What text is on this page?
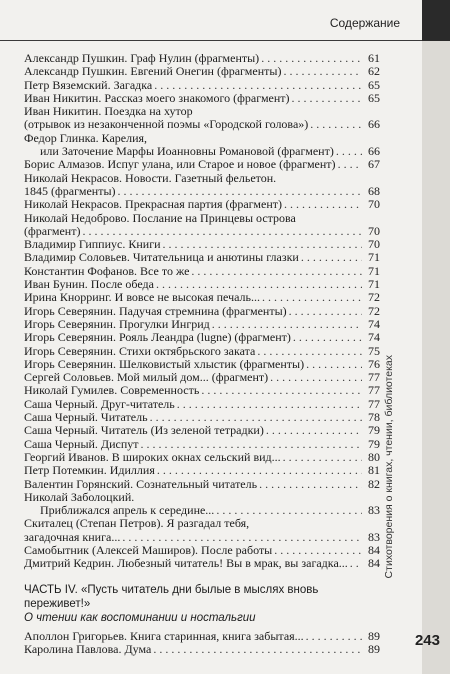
Содержание
Стихотворения о книгах, чтении, библиотеках
243
Александр Пушкин. Граф Нулин (фрагменты) . . .	61
Александр Пушкин. Евгений Онегин (фрагменты) . . .	62
Петр Вяземский. Загадка . . .	65
Иван Никитин. Рассказ моего знакомого (фрагмент) . . .	65
Иван Никитин. Поездка на хутор
(отрывок из незаконченной поэмы «Городской голова») . . .	66
Федор Глинка. Карелия,
или Заточение Марфы Иоанновны Романовой (фрагмент) . . .	66
Борис Алмазов. Испуг улана, или Старое и новое (фрагмент) . . .	67
Николай Некрасов. Новости. Газетный фельетон.
1845 (фрагменты) . . .	68
Николай Некрасов. Прекрасная партия (фрагмент) . . .	70
Николай Недоброво. Послание на Принцевы острова
(фрагмент) . . .	70
Владимир Гиппиус. Книги . . .	70
Владимир Соловьев. Читательница и анютины глазки . . .	71
Константин Фофанов. Все то же . . .	71
Иван Бунин. После обеда . . .	71
Ирина Кнорринг. И вовсе не высокая печаль... . . .	72
Игорь Северянин. Падучая стремнина (фрагменты) . . .	72
Игорь Северянин. Прогулки Ингрид . . .	74
Игорь Северянин. Рояль Леандра (lugne) (фрагмент) . . .	74
Игорь Северянин. Стихи октябрьского заката . . .	75
Игорь Северянин. Шелковистый хлыстик (фрагменты) . . .	76
Сергей Соловьев. Мой милый дом... (фрагмент) . . .	77
Николай Гумилев. Современность . . .	77
Саша Черный. Друг-читатель . . .	77
Саша Черный. Читатель . . .	78
Саша Черный. Читатель (Из зеленой тетрадки) . . .	79
Саша Черный. Диспут . . .	79
Георгий Иванов. В широких окнах сельский вид... . . .	80
Петр Потемкин. Идиллия . . .	81
Валентин Горянский. Сознательный читатель . . .	82
Николай Заболоцкий.
Приближался апрель к середине... . . .	83
Скиталец (Степан Петров). Я разгадал тебя,
загадочная книга... . . .	83
Самобытник (Алексей Маширов). После работы . . .	84
Дмитрий Кедрин. Любезный читатель! Вы в мрак, вы загадка... . . .	84
ЧАСТЬ IV. «Пусть читатель дни былые в мыслях вновь переживет!»
О чтении как воспоминании и ностальгии
Аполлон Григорьев. Книга старинная, книга забытая... . . .	89
Каролина Павлова. Дума . . .	89
